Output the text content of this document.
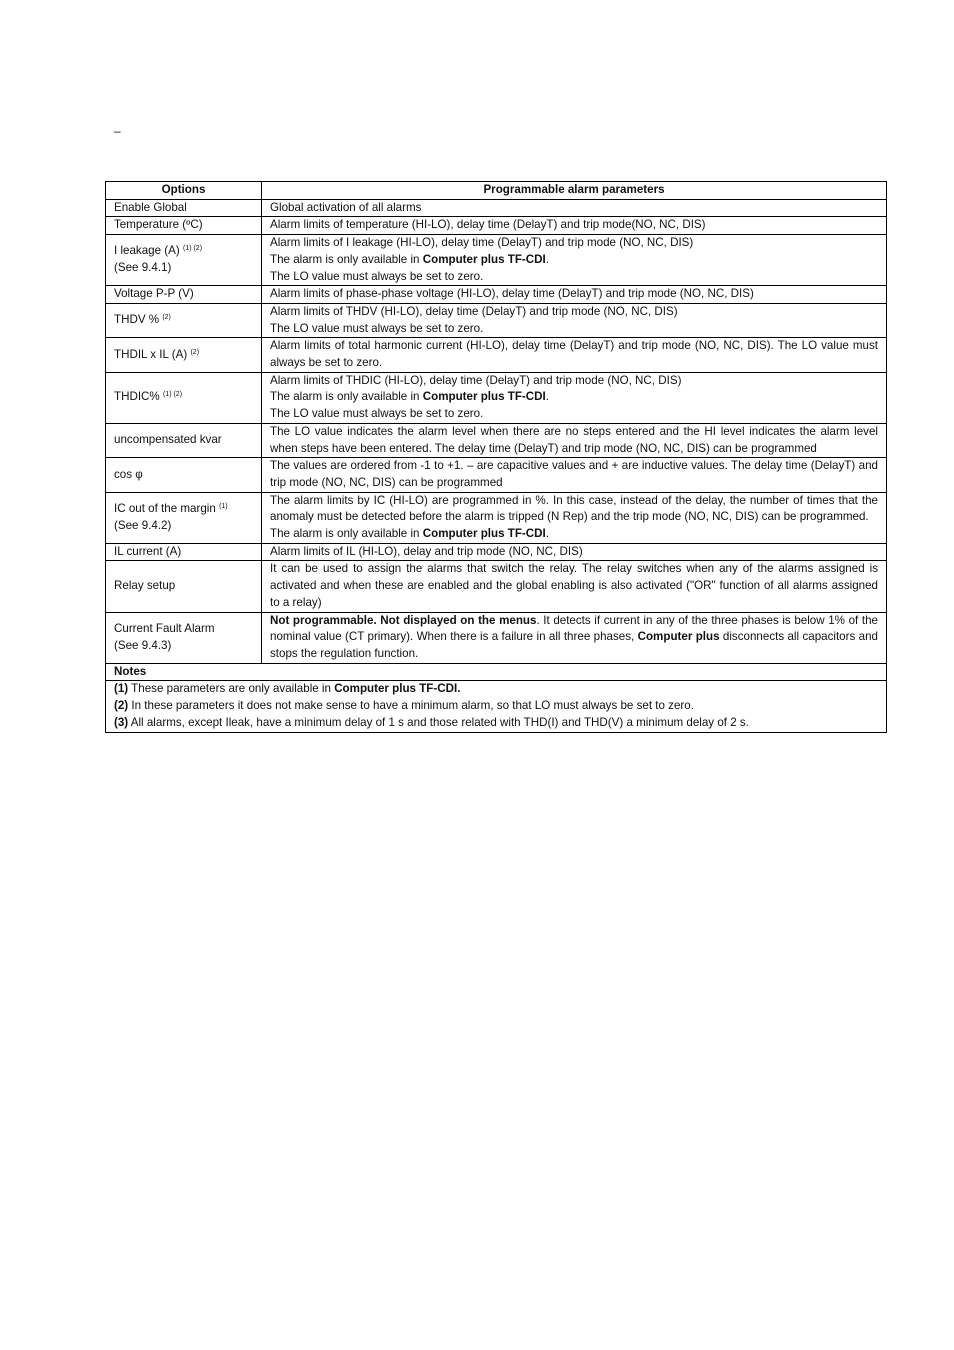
–
Options	Programmable alarm parameters

Enable Global	Global activation of all alarms

Temperature (ºC)	Alarm limits of temperature (HI-LO), delay time (DelayT) and trip mode(NO, NC, DIS)

I leakage (A) $^{(1) (2)}$
(See 9.4.1)	Alarm limits of I leakage (HI-LO), delay time (DelayT) and trip mode (NO, NC, DIS)
The alarm is only available in Computer plus TF-CDI.
The LO value must always be set to zero.

Voltage P-P (V)	Alarm limits of phase-phase voltage (HI-LO), delay time (DelayT) and trip mode (NO, NC, DIS)

THDV % $^{(2)}$	Alarm limits of THDV (HI-LO), delay time (DelayT) and trip mode (NO, NC, DIS)
The LO value must always be set to zero.

THDIL x IL (A) $^{(2)}$	Alarm limits of total harmonic current (HI-LO), delay time (DelayT) and trip mode (NO, NC, DIS). The LO value must always be set to zero.

THDIC% $^{(1) (2)}$	Alarm limits of THDIC (HI-LO), delay time (DelayT) and trip mode (NO, NC, DIS)
The alarm is only available in Computer plus TF-CDI.
The LO value must always be set to zero.

uncompensated kvar	The LO value indicates the alarm level when there are no steps entered and the HI level indicates the alarm level when steps have been entered. The delay time (DelayT) and trip mode (NO, NC, DIS) can be programmed

cos φ	The values are ordered from -1 to +1. – are capacitive values and + are inductive values. The delay time (DelayT) and trip mode (NO, NC, DIS) can be programmed

IC out of the margin $^{(1)}$
(See 9.4.2)	The alarm limits by IC (HI-LO) are programmed in %. In this case, instead of the delay, the number of times that the anomaly must be detected before the alarm is tripped (N Rep) and the trip mode (NO, NC, DIS) can be programmed.
The alarm is only available in Computer plus TF-CDI.

IL current (A)	Alarm limits of IL (HI-LO), delay and trip mode (NO, NC, DIS)

Relay setup	It can be used to assign the alarms that switch the relay. The relay switches when any of the alarms assigned is activated and when these are enabled and the global enabling is also activated ("OR" function of all alarms assigned to a relay)

Current Fault Alarm
(See 9.4.3)	Not programmable. Not displayed on the menus. It detects if current in any of the three phases is below 1% of the nominal value (CT primary). When there is a failure in all three phases, Computer plus disconnects all capacitors and stops the regulation function.

Notes	

(1) These parameters are only available in Computer plus TF-CDI.
(2) In these parameters it does not make sense to have a minimum alarm, so that LO must always be set to zero.
(3) All alarms, except Ileak, have a minimum delay of 1 s and those related with THD(I) and THD(V) a minimum delay of 2 s.	
